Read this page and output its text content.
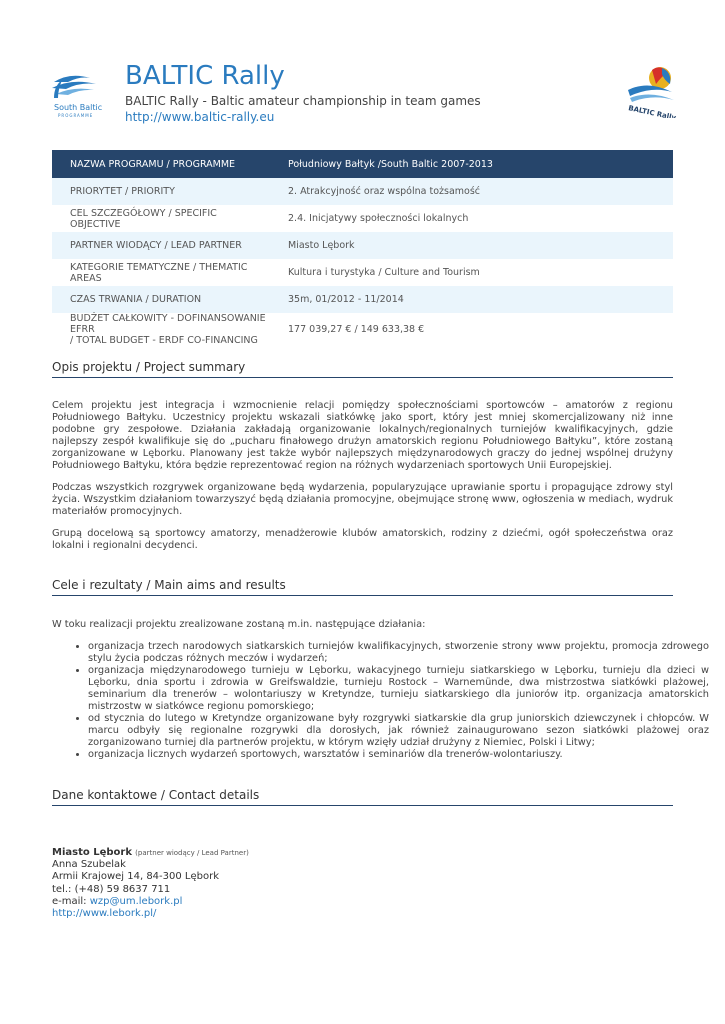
South Baltic
PROGRAMME
BALTIC Rally
BALTIC Rally - Baltic amateur championship in team games
http://www.baltic-rally.eu	BALTIC Rally
NAZWA PROGRAMU / PROGRAMME	Południowy Bałtyk /South Baltic 2007-2013
PRIORYTET / PRIORITY	2. Atrakcyjność oraz wspólna tożsamość
CEL SZCZEGÓŁOWY / SPECIFIC OBJECTIVE	2.4. Inicjatywy społeczności lokalnych
PARTNER WIODĄCY / LEAD PARTNER	Miasto Lębork
KATEGORIE TEMATYCZNE / THEMATIC AREAS	Kultura i turystyka / Culture and Tourism
CZAS TRWANIA / DURATION	35m, 01/2012 - 11/2014
BUDŻET CAŁKOWITY - DOFINANSOWANIE EFRR
/ TOTAL BUDGET - ERDF CO-FINANCING	177 039,27 € / 149 633,38 €
Opis projektu / Project summary

Celem projektu jest integracja i wzmocnienie relacji pomiędzy społecznościami sportowców – amatorów z regionu Południowego Bałtyku. Uczestnicy projektu wskazali siatkówkę jako sport, który jest mniej skomercjalizowany niż inne podobne gry zespołowe. Działania zakładają organizowanie lokalnych/regionalnych turniejów kwalifikacyjnych, gdzie najlepszy zespół kwalifikuje się do „pucharu finałowego drużyn amatorskich regionu Południowego Bałtyku”, które zostaną zorganizowane w Lęborku. Planowany jest także wybór najlepszych międzynarodowych graczy do jednej wspólnej drużyny Południowego Bałtyku, która będzie reprezentować region na różnych wydarzeniach sportowych Unii Europejskiej.

Podczas wszystkich rozgrywek organizowane będą wydarzenia, popularyzujące uprawianie sportu i propagujące zdrowy styl życia. Wszystkim działaniom towarzyszyć będą działania promocyjne, obejmujące stronę www, ogłoszenia w mediach, wydruk materiałów promocyjnych.

Grupą docelową są sportowcy amatorzy, menadżerowie klubów amatorskich, rodziny z dziećmi, ogół społeczeństwa oraz lokalni i regionalni decydenci.

Cele i rezultaty / Main aims and results

W toku realizacji projektu zrealizowane zostaną m.in. następujące działania:

• organizacja trzech narodowych siatkarskich turniejów kwalifikacyjnych, stworzenie strony www projektu, promocja zdrowego stylu życia podczas różnych meczów i wydarzeń;
• organizacja międzynarodowego turnieju w Lęborku, wakacyjnego turnieju siatkarskiego w Lęborku, turnieju dla dzieci w Lęborku, dnia sportu i zdrowia w Greifswaldzie, turnieju Rostock – Warnemünde, dwa mistrzostwa siatkówki plażowej, seminarium dla trenerów – wolontariuszy w Kretyndze, turnieju siatkarskiego dla juniorów itp. organizacja amatorskich mistrzostw w siatkówce regionu pomorskiego;
• od stycznia do lutego w Kretyndze organizowane były rozgrywki siatkarskie dla grup juniorskich dziewczynek i chłopców. W marcu odbyły się regionalne rozgrywki dla dorosłych, jak również zainaugurowano sezon siatkówki plażowej oraz zorganizowano turniej dla partnerów projektu, w którym wzięły udział drużyny z Niemiec, Polski i Litwy;
• organizacja licznych wydarzeń sportowych, warsztatów i seminariów dla trenerów-wolontariuszy.
Dane kontaktowe / Contact details
Miasto Lębork (partner wiodący / Lead Partner)
Anna Szubelak
Armii Krajowej 14, 84-300 Lębork
tel.: (+48) 59 8637 711
e-mail: wzp@um.lebork.pl
http://www.lebork.pl/
